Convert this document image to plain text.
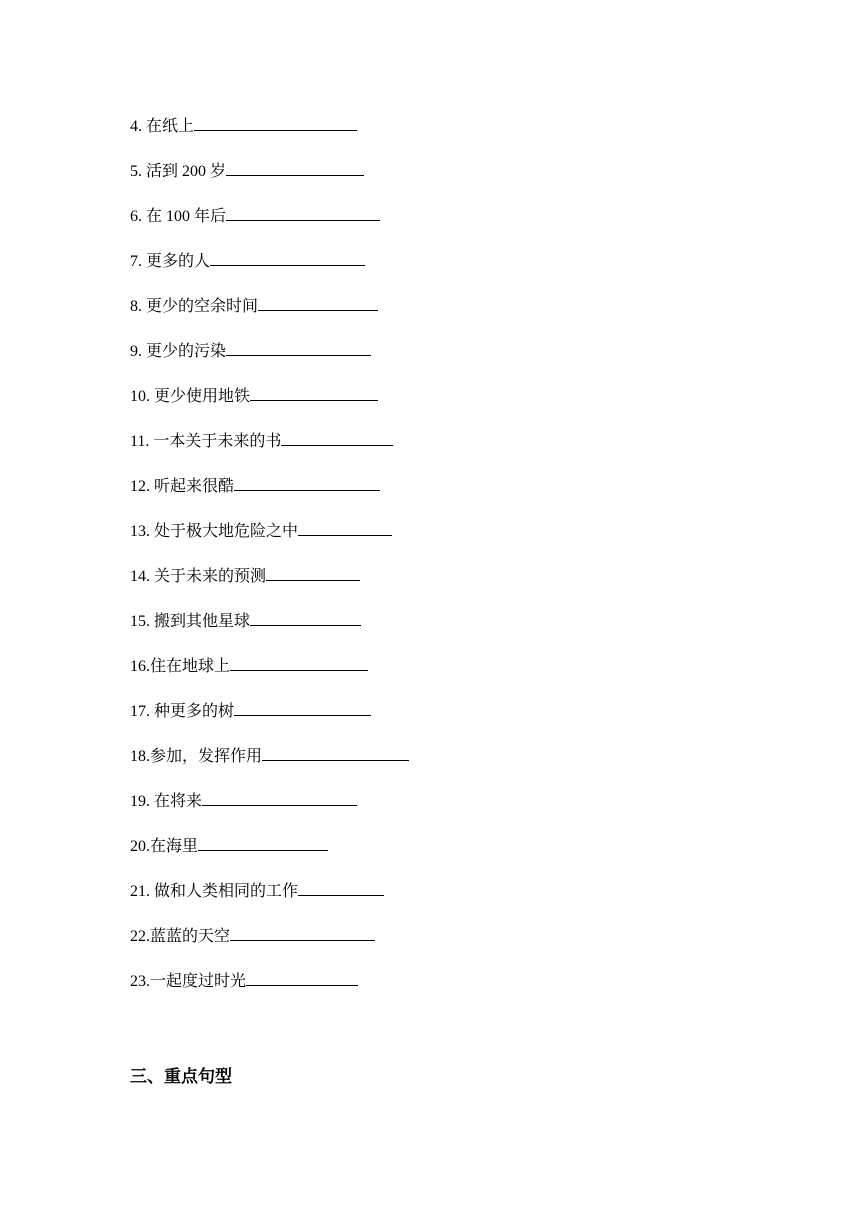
4. 在纸上
5. 活到 200 岁
6. 在 100 年后
7. 更多的人
8. 更少的空余时间
9. 更少的污染
10. 更少使用地铁
11. 一本关于未来的书
12. 听起来很酷
13. 处于极大地危险之中
14. 关于未来的预测
15. 搬到其他星球
16.住在地球上
17. 种更多的树
18.参加，发挥作用
19. 在将来
20.在海里
21. 做和人类相同的工作
22.蓝蓝的天空
23.一起度过时光
三、重点句型
